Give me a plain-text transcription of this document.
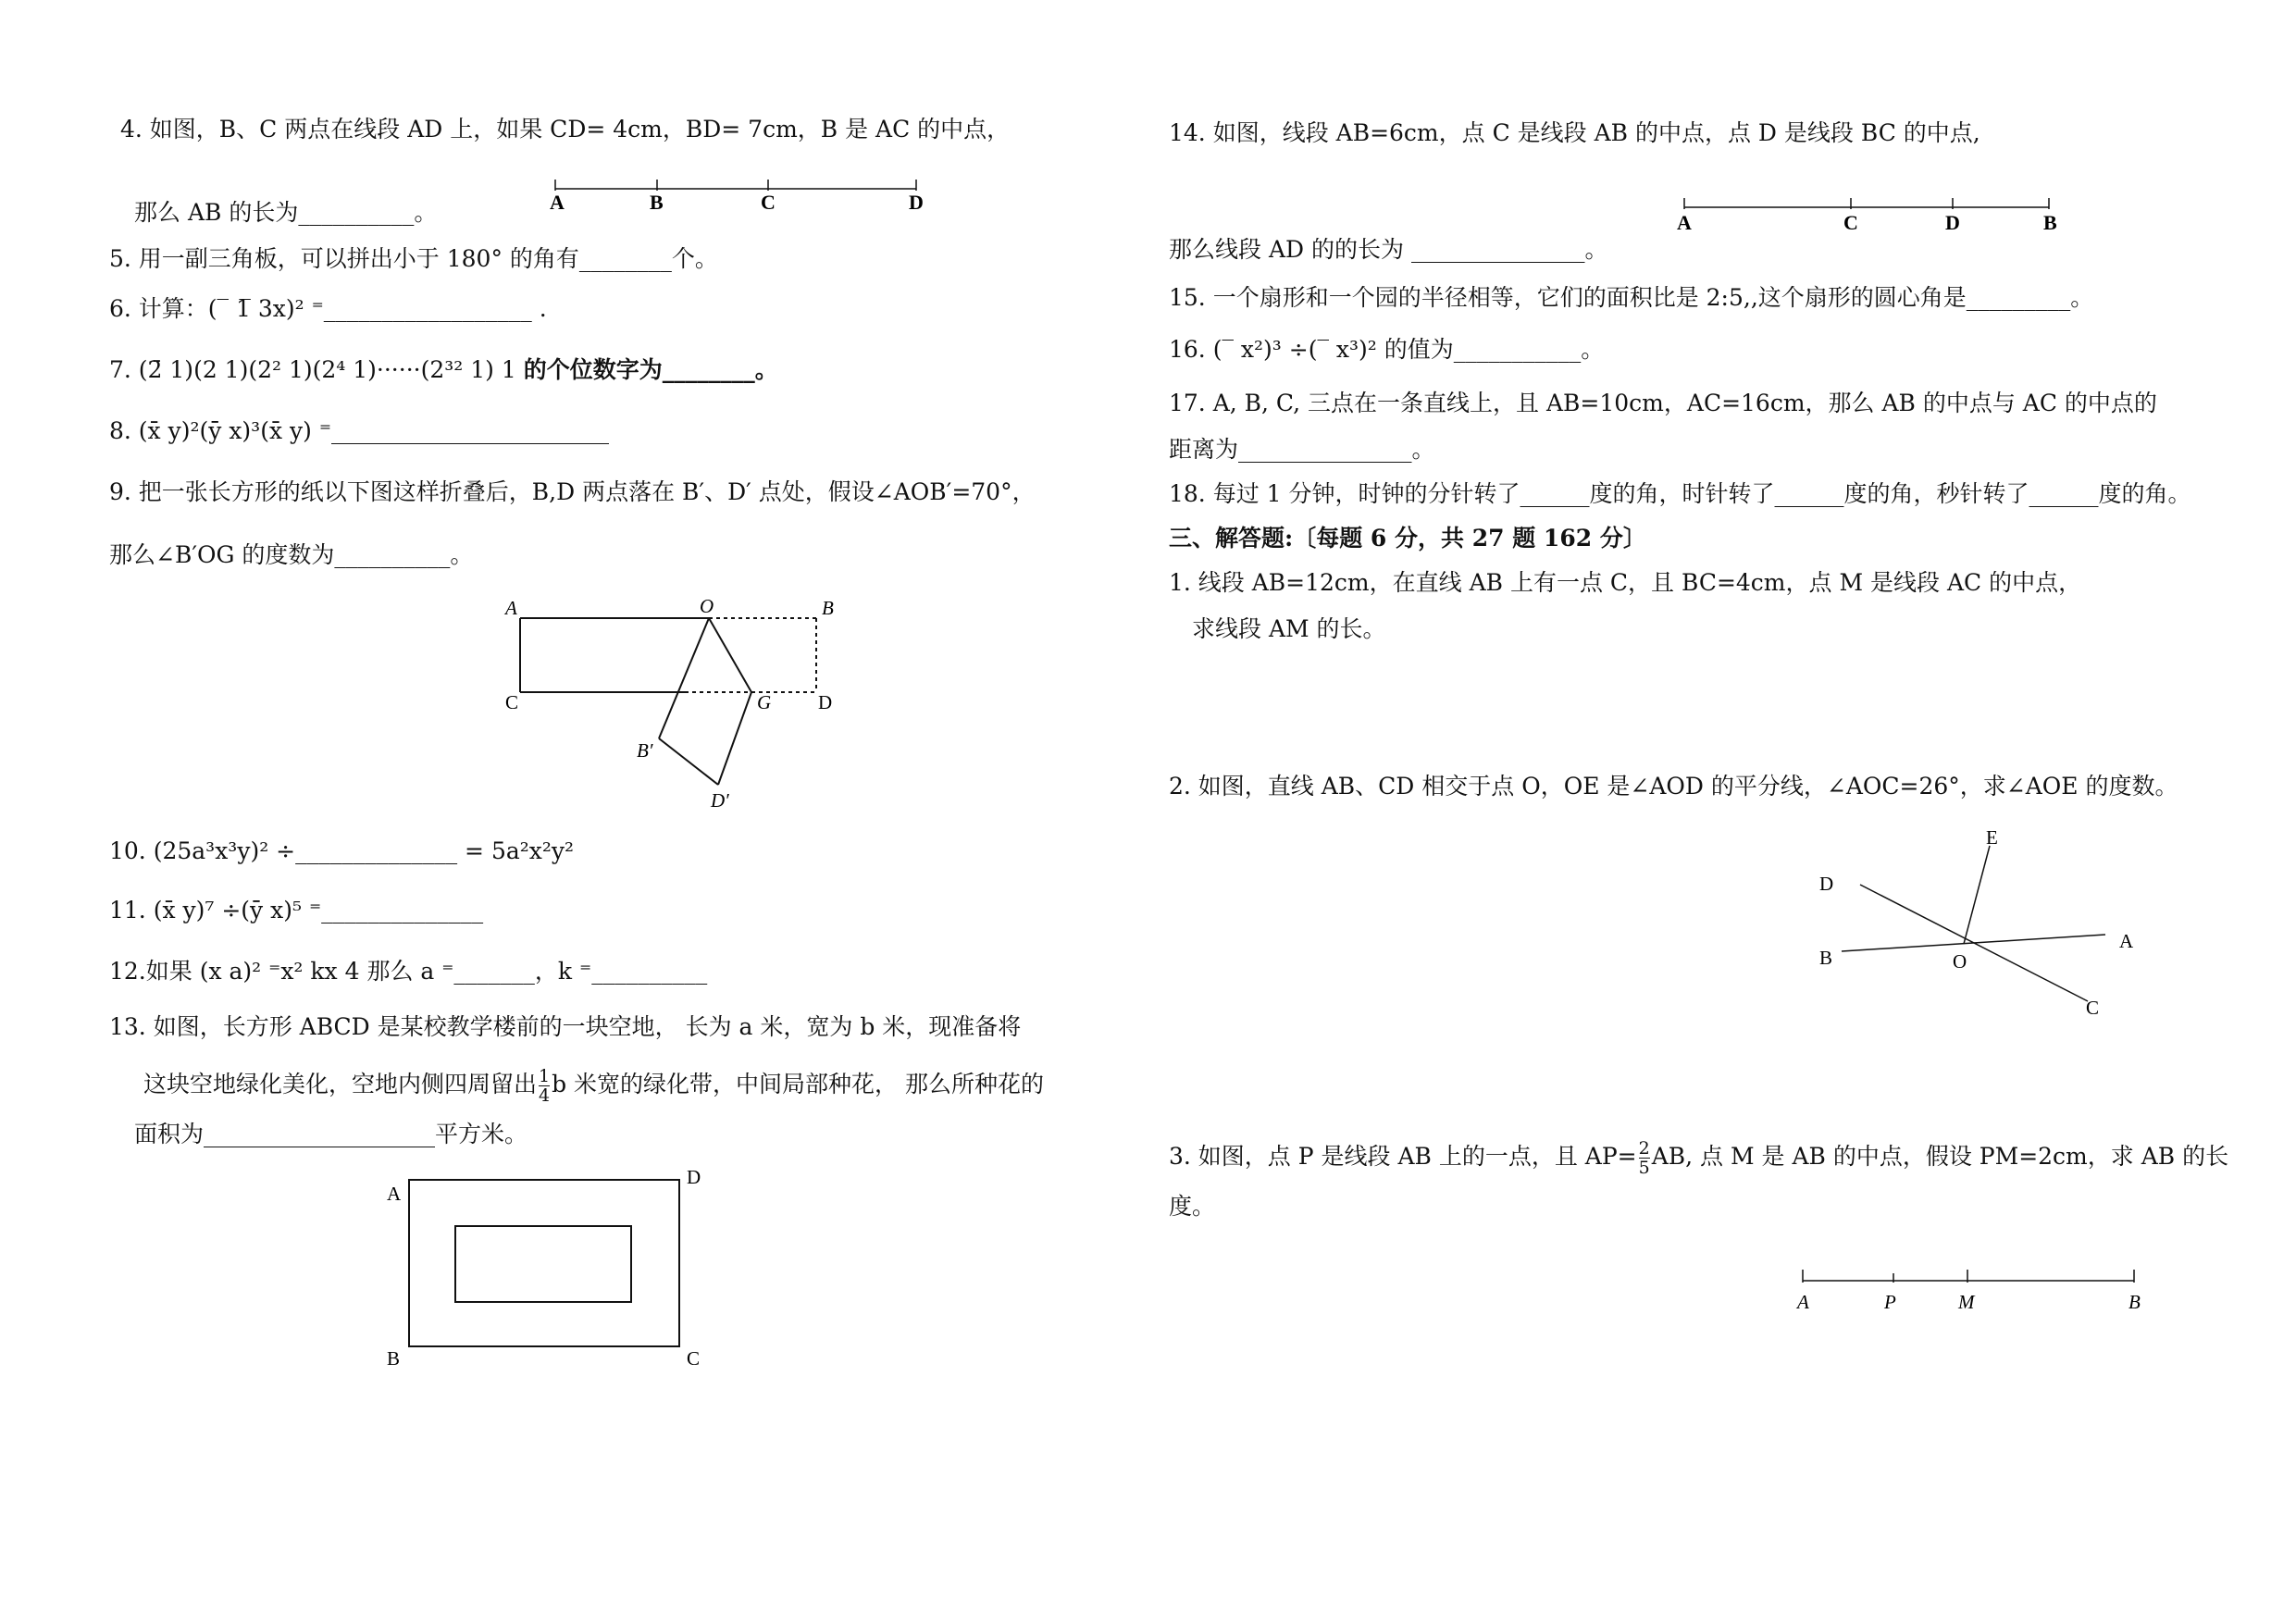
4. 如图，B、C 两点在线段 AD 上，如果 CD= 4cm，BD= 7cm，B 是 AC 的中点，
那么 AB 的长为__________。	A	B	C	D
5. 用一副三角板，可以拼出小于 180° 的角有________个。
6. 计算：(‾ 1̅ 3x)² ⁼__________________ .
7. (2̄ 1)(2 1)(2² 1)(2⁴ 1)······(2³² 1) 1 的个位数字为________。
8. (x̄ y)²(ȳ x)³(x̄ y) ⁼________________________
9. 把一张长方形的纸以下图这样折叠后，B,D 两点落在 B′、D′ 点处，假设∠AOB′=70°，
那么∠B′OG 的度数为__________。
A	O	B
C	G D
B′
D′
10. (25a³x³y)² ÷______________ = 5a²x²y²
11. (x̄ y)⁷ ÷(ȳ x)⁵ ⁼______________
12.如果 (x a)² ⁼x² kx 4 那么 a ⁼_______，k ⁼__________
13. 如图，长方形 ABCD 是某校教学楼前的一块空地， 长为 a 米，宽为 b 米，现准备将
这块空地绿化美化，空地内侧四周留出 $\frac{1}{4}$ b 米宽的绿化带，中间局部种花， 那么所种花的
面积为____________________平方米。
A
D
B	C
14. 如图，线段 AB=6cm，点 C 是线段 AB 的中点，点 D 是线段 BC 的中点,
A	C	D	B
那么线段 AD 的的长为 _______________。
15. 一个扇形和一个园的半径相等，它们的面积比是 2:5,,这个扇形的圆心角是_________。
16. (‾ x²)³ ÷(‾ x³)² 的值为___________。
17. A, B, C, 三点在一条直线上，且 AB=10cm，AC=16cm，那么 AB 的中点与 AC 的中点的
距离为_______________。
18. 每过 1 分钟，时钟的分针转了______度的角，时针转了______度的角，秒针转了______度的角。
三、解答题:〔每题 6 分，共 27 题 162 分〕
1. 线段 AB=12cm，在直线 AB 上有一点 C，且 BC=4cm，点 M 是线段 AC 的中点，
求线段 AM 的长。
2. 如图，直线 AB、CD 相交于点 O，OE 是∠AOD 的平分线，∠AOC=26°，求∠AOE 的度数。
E
D
A
B	O
C
3. 如图，点 P 是线段 AB 上的一点，且 $AP= \frac{2}{5}$ AB, 点 M 是 AB 的中点，假设 PM=2cm，求 AB 的长
度。
A	P	M	B
